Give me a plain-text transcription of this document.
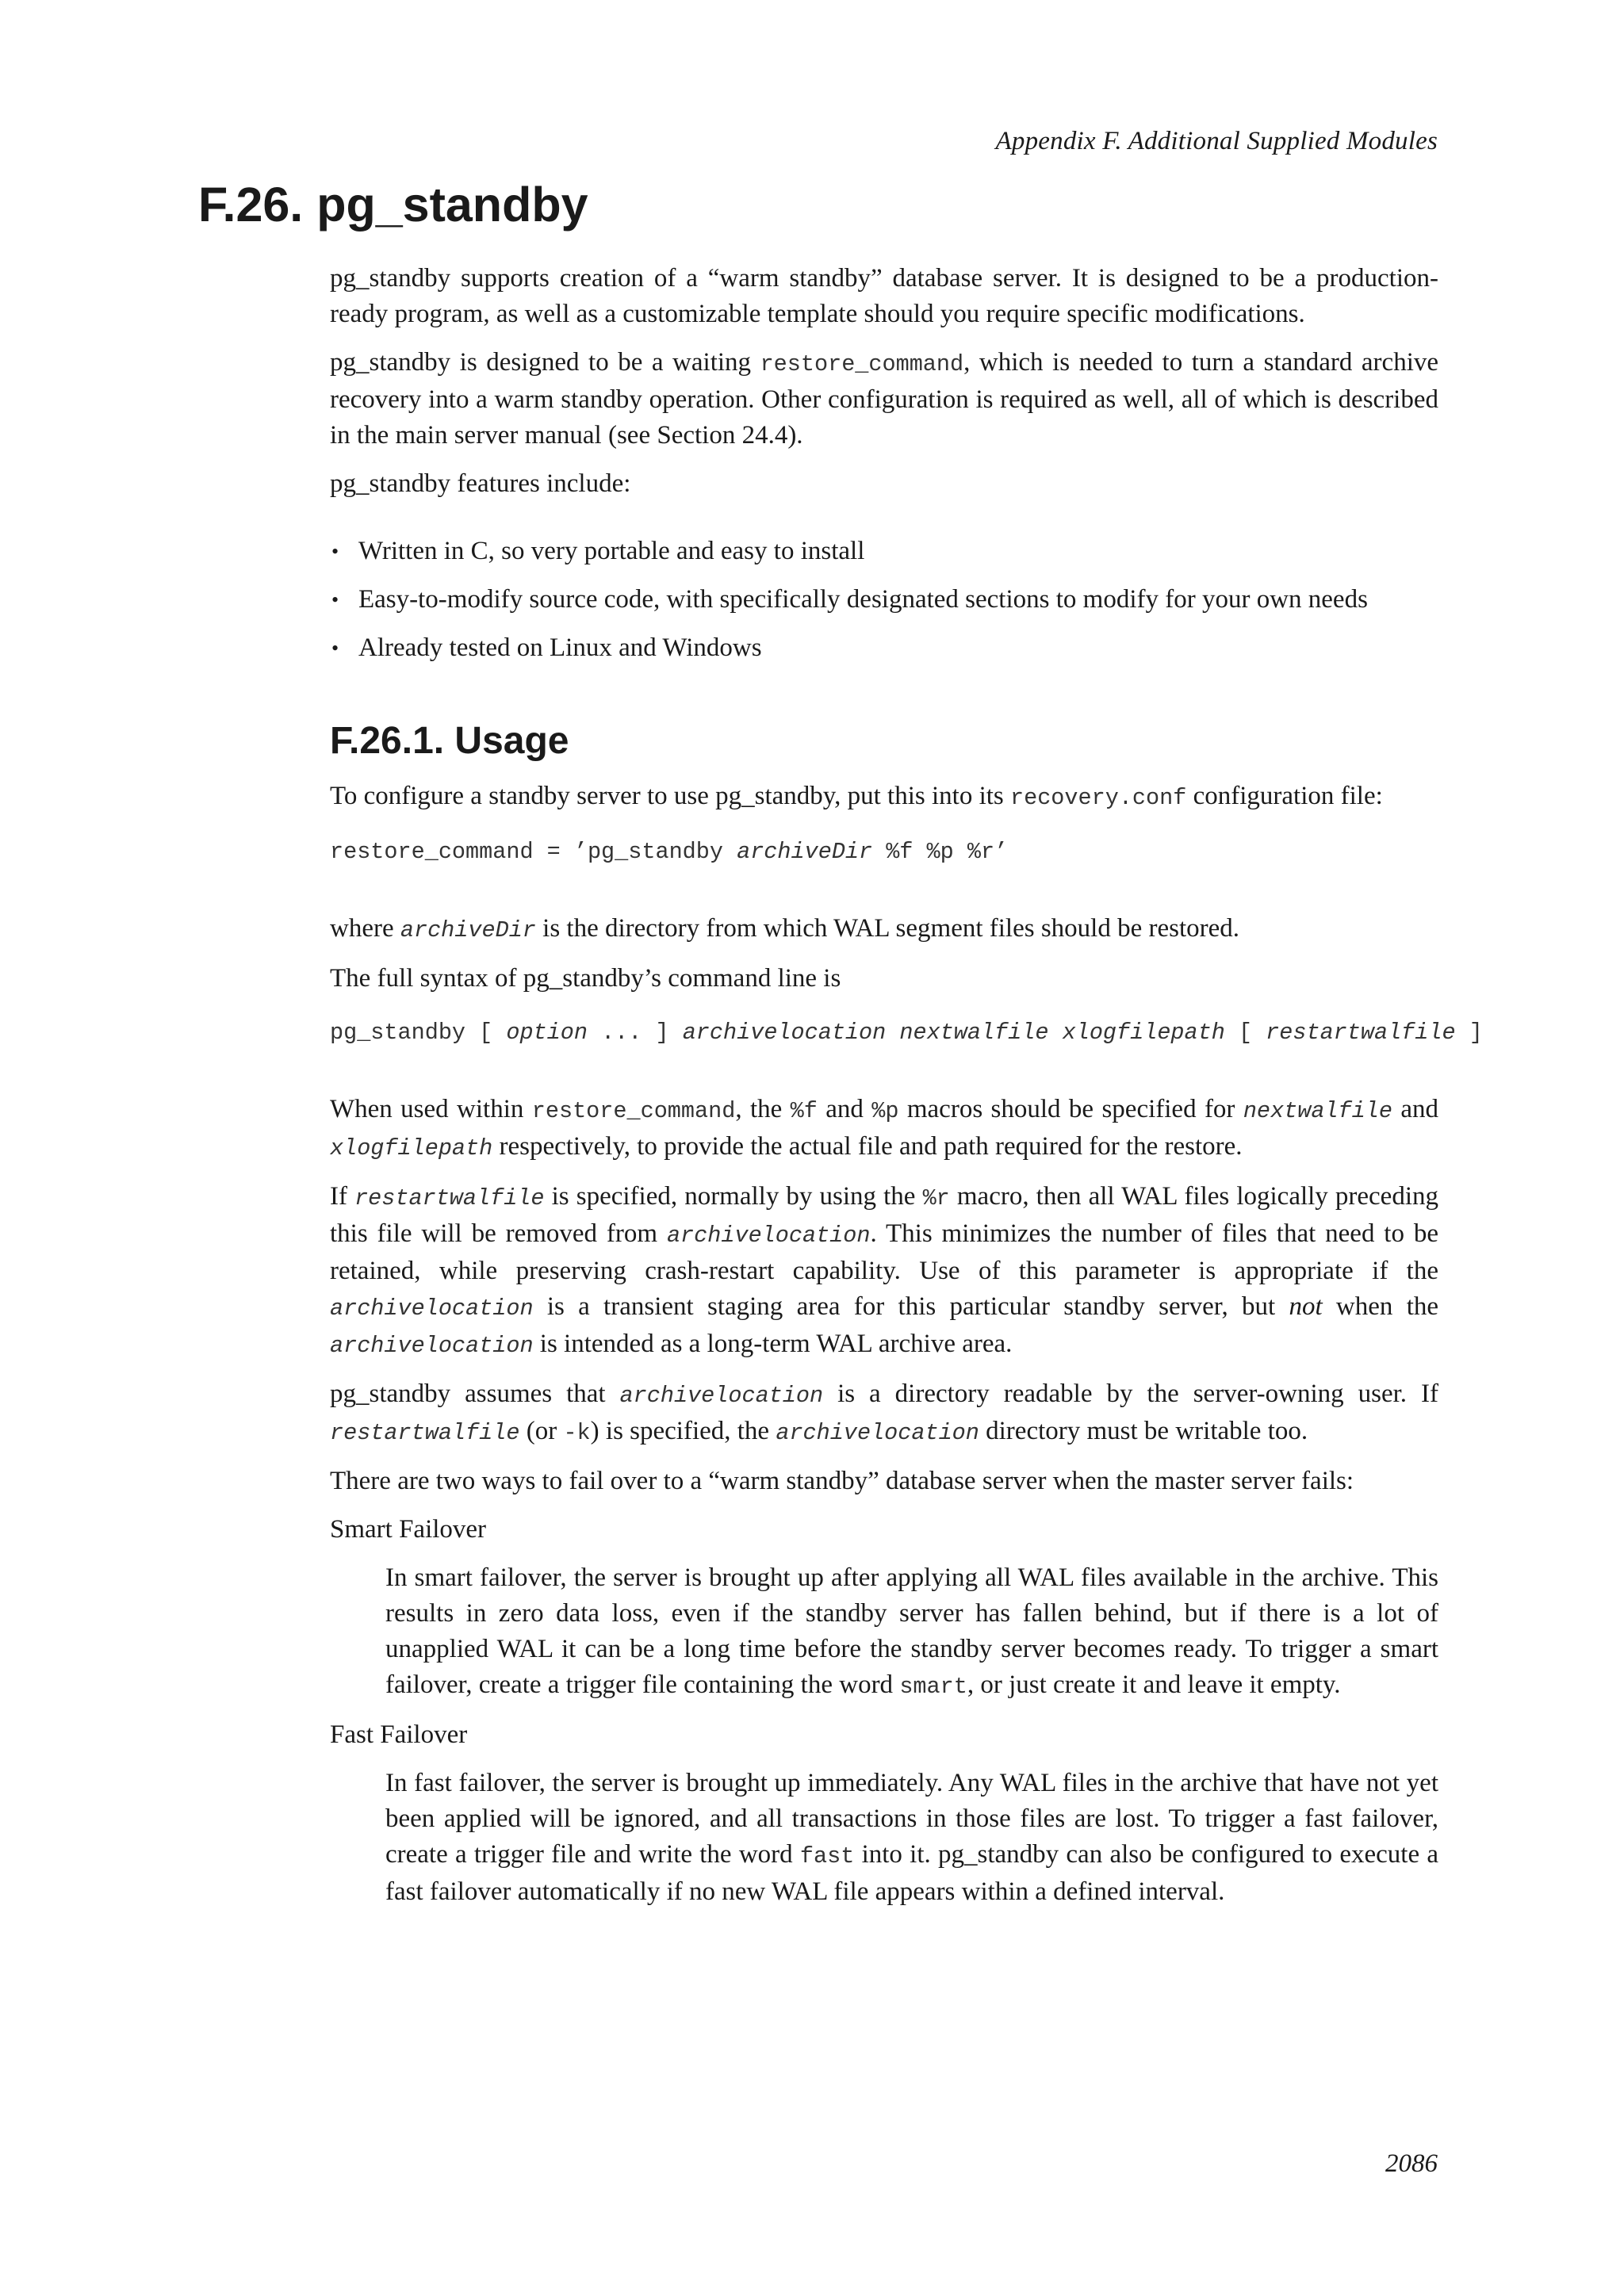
Appendix F. Additional Supplied Modules
F.26. pg_standby

pg_standby supports creation of a “warm standby” database server. It is designed to be a production-ready program, as well as a customizable template should you require specific modifications.

pg_standby is designed to be a waiting restore_command, which is needed to turn a standard archive recovery into a warm standby operation. Other configuration is required as well, all of which is described in the main server manual (see Section 24.4).

pg_standby features include:

• Written in C, so very portable and easy to install
• Easy-to-modify source code, with specifically designated sections to modify for your own needs
• Already tested on Linux and Windows
F.26.1. Usage

To configure a standby server to use pg_standby, put this into its recovery.conf configuration file:

restore_command = ’pg_standby archiveDir %f %p %r’

where archiveDir is the directory from which WAL segment files should be restored.

The full syntax of pg_standby’s command line is

pg_standby [ option ... ] archivelocation nextwalfile xlogfilepath [ restartwalfile ]

When used within restore_command, the %f and %p macros should be specified for nextwalfile and xlogfilepath respectively, to provide the actual file and path required for the restore.

If restartwalfile is specified, normally by using the %r macro, then all WAL files logically preceding this file will be removed from archivelocation. This minimizes the number of files that need to be retained, while preserving crash-restart capability. Use of this parameter is appropriate if the archivelocation is a transient staging area for this particular standby server, but not when the archivelocation is intended as a long-term WAL archive area.

pg_standby assumes that archivelocation is a directory readable by the server-owning user. If restartwalfile (or -k) is specified, the archivelocation directory must be writable too.

There are two ways to fail over to a “warm standby” database server when the master server fails:

Smart Failover

In smart failover, the server is brought up after applying all WAL files available in the archive. This results in zero data loss, even if the standby server has fallen behind, but if there is a lot of unapplied WAL it can be a long time before the standby server becomes ready. To trigger a smart failover, create a trigger file containing the word smart, or just create it and leave it empty.

Fast Failover

In fast failover, the server is brought up immediately. Any WAL files in the archive that have not yet been applied will be ignored, and all transactions in those files are lost. To trigger a fast failover, create a trigger file and write the word fast into it. pg_standby can also be configured to execute a fast failover automatically if no new WAL file appears within a defined interval.

2086
